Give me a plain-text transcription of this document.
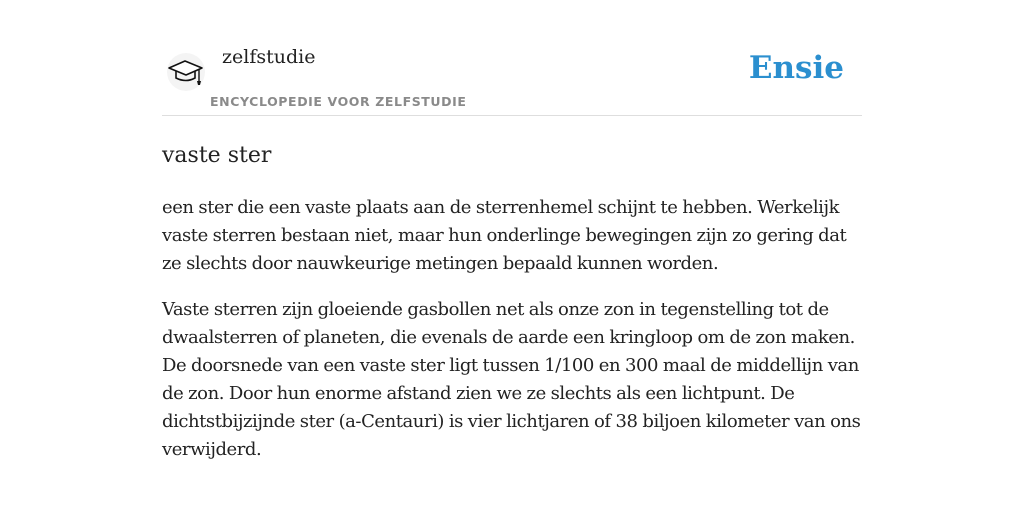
zelfstudie
ENCYCLOPEDIE VOOR ZELFSTUDIE
Ensie
vaste ster

een ster die een vaste plaats aan de sterrenhemel schijnt te hebben. Werkelijk vaste sterren bestaan niet, maar hun onderlinge bewegingen zijn zo gering dat ze slechts door nauwkeurige metingen bepaald kunnen worden.

Vaste sterren zijn gloeiende gasbollen net als onze zon in tegenstelling tot de dwaalsterren of planeten, die evenals de aarde een kringloop om de zon maken. De doorsnede van een vaste ster ligt tussen 1/100 en 300 maal de middellijn van de zon. Door hun enorme afstand zien we ze slechts als een lichtpunt. De dichtstbijzijnde ster (a-Centauri) is vier lichtjaren of 38 biljoen kilometer van ons verwijderd.
